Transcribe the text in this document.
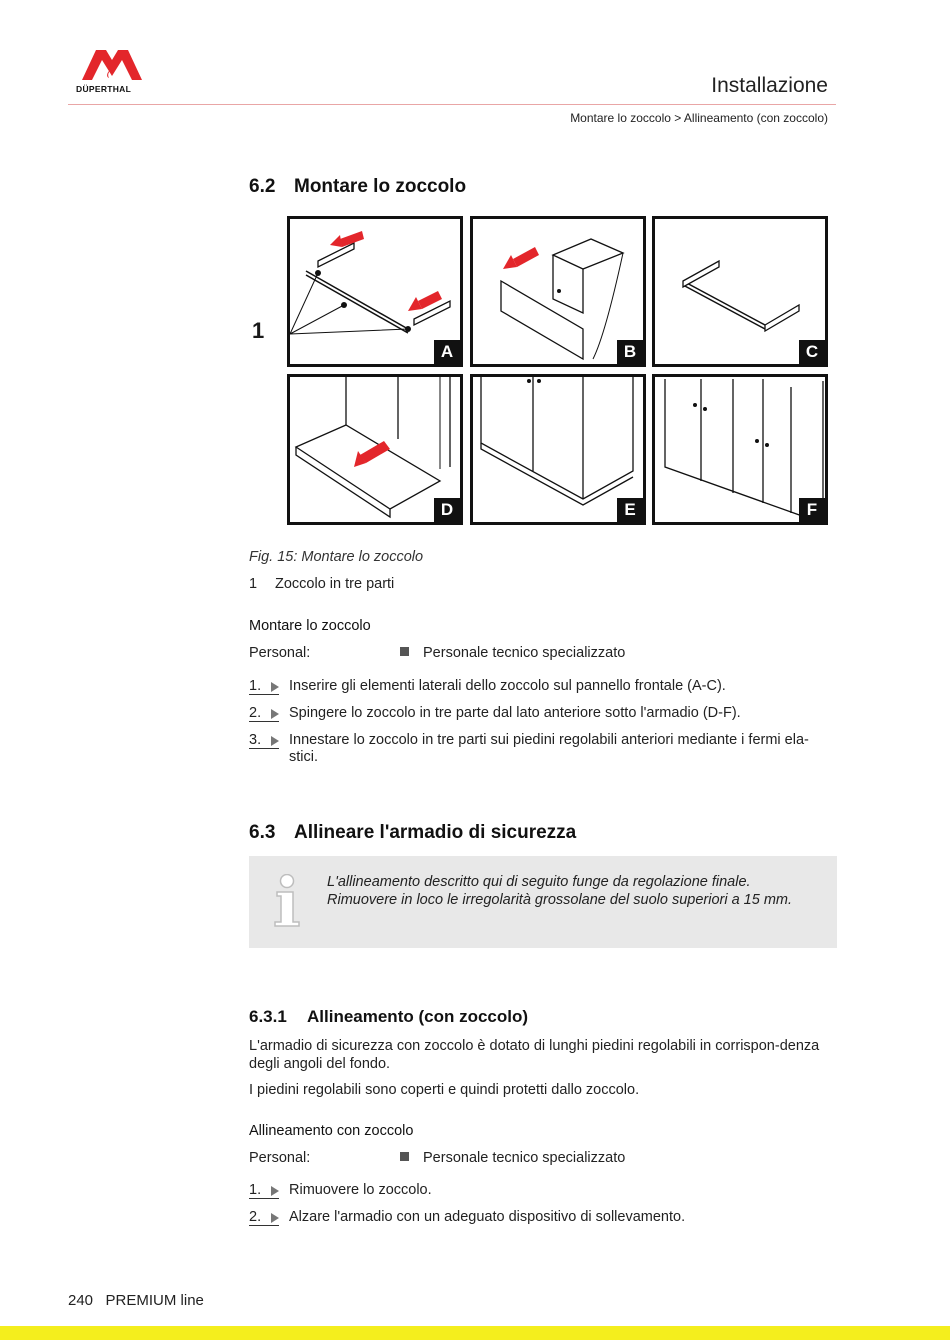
DÜPERTHAL	Installazione
Montare lo zoccolo > Allineamento (con zoccolo)
6.2 Montare lo zoccolo
1
A	B	C
D	E	F
Fig. 15: Montare lo zoccolo
1 Zoccolo in tre parti
Montare lo zoccolo
Personal:	Personale tecnico specializzato
1.	Inserire gli elementi laterali dello zoccolo sul pannello frontale (A-C).
2.	Spingere lo zoccolo in tre parte dal lato anteriore sotto l'armadio (D-F).
3.	Innestare lo zoccolo in tre parti sui piedini regolabili anteriori mediante i fermi ela-stici.
6.3 Allineare l'armadio di sicurezza
L'allineamento descritto qui di seguito funge da regolazione finale. Rimuovere in loco le irregolarità grossolane del suolo superiori a 15 mm.
6.3.1 Allineamento (con zoccolo)
L'armadio di sicurezza con zoccolo è dotato di lunghi piedini regolabili in corrispon-denza degli angoli del fondo.
I piedini regolabili sono coperti e quindi protetti dallo zoccolo.
Allineamento con zoccolo
Personal:	Personale tecnico specializzato
1.	Rimuovere lo zoccolo.
2.	Alzare l'armadio con un adeguato dispositivo di sollevamento.
240 PREMIUM line
